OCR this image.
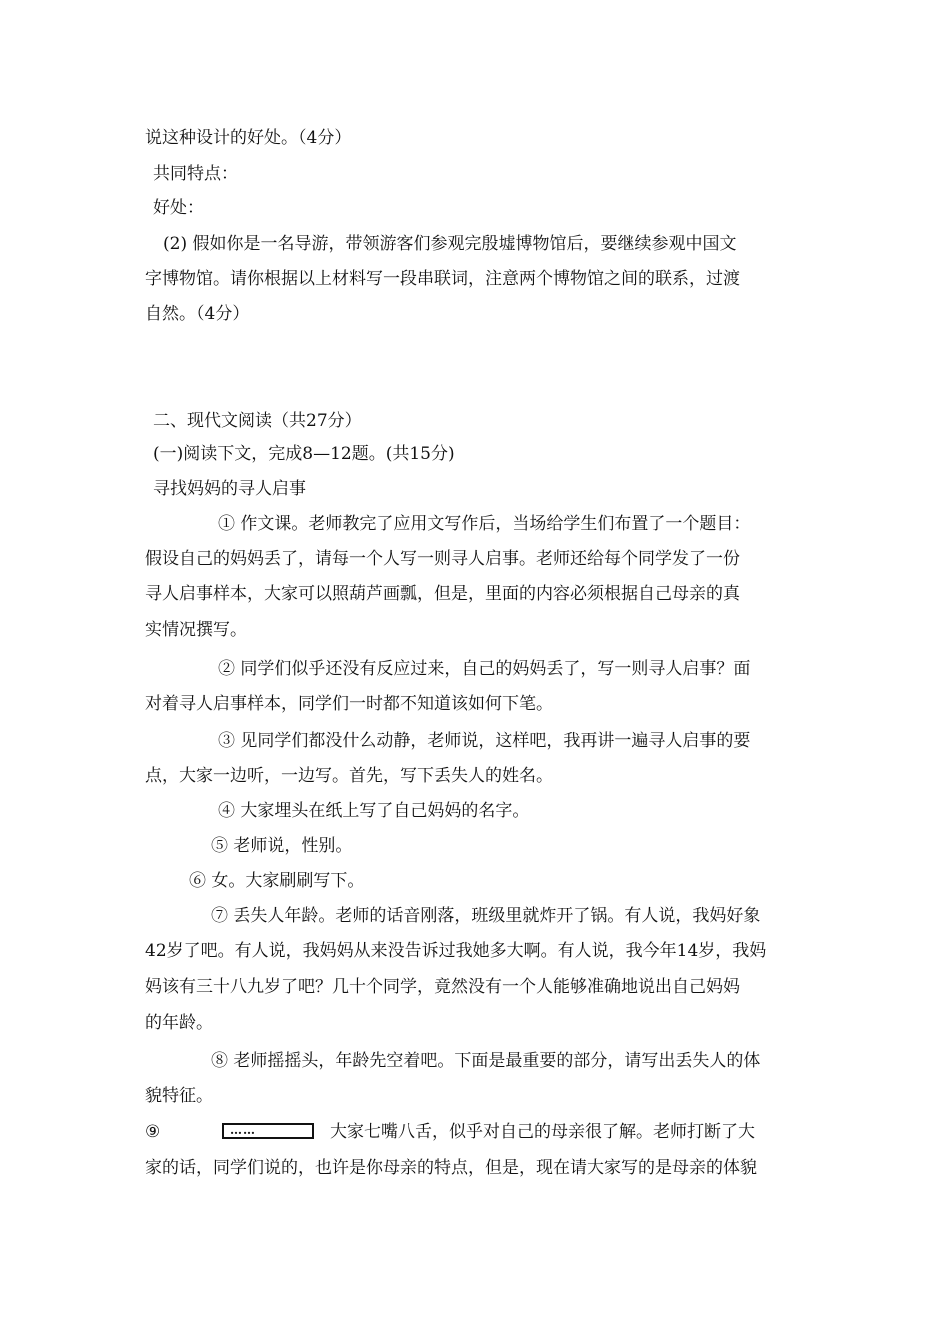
说这种设计的好处。（4分）
共同特点：
好处：
(2) 假如你是一名导游，带领游客们参观完殷墟博物馆后，要继续参观中国文
字博物馆。请你根据以上材料写一段串联词，注意两个博物馆之间的联系，过渡
自然。（4分）
二、现代文阅读（共27分）
(一)阅读下文，完成8—12题。(共15分)
寻找妈妈的寻人启事
① 作文课。老师教完了应用文写作后，当场给学生们布置了一个题目：
假设自己的妈妈丢了，请每一个人写一则寻人启事。老师还给每个同学发了一份
寻人启事样本，大家可以照葫芦画瓢，但是，里面的内容必须根据自己母亲的真
实情况撰写。
② 同学们似乎还没有反应过来，自己的妈妈丢了，写一则寻人启事？面
对着寻人启事样本，同学们一时都不知道该如何下笔。
③ 见同学们都没什么动静，老师说，这样吧，我再讲一遍寻人启事的要
点，大家一边听，一边写。首先，写下丢失人的姓名。
④ 大家埋头在纸上写了自己妈妈的名字。
⑤ 老师说，性别。
⑥ 女。大家刷刷写下。
⑦ 丢失人年龄。老师的话音刚落，班级里就炸开了锅。有人说，我妈好象
42岁了吧。有人说，我妈妈从来没告诉过我她多大啊。有人说，我今年14岁，我妈
妈该有三十八九岁了吧？几十个同学，竟然没有一个人能够准确地说出自己妈妈
的年龄。
⑧ 老师摇摇头，年龄先空着吧。下面是最重要的部分，请写出丢失人的体
貌特征。
⑨	……	大家七嘴八舌，似乎对自己的母亲很了解。老师打断了大
家的话，同学们说的，也许是你母亲的特点，但是，现在请大家写的是母亲的体貌
